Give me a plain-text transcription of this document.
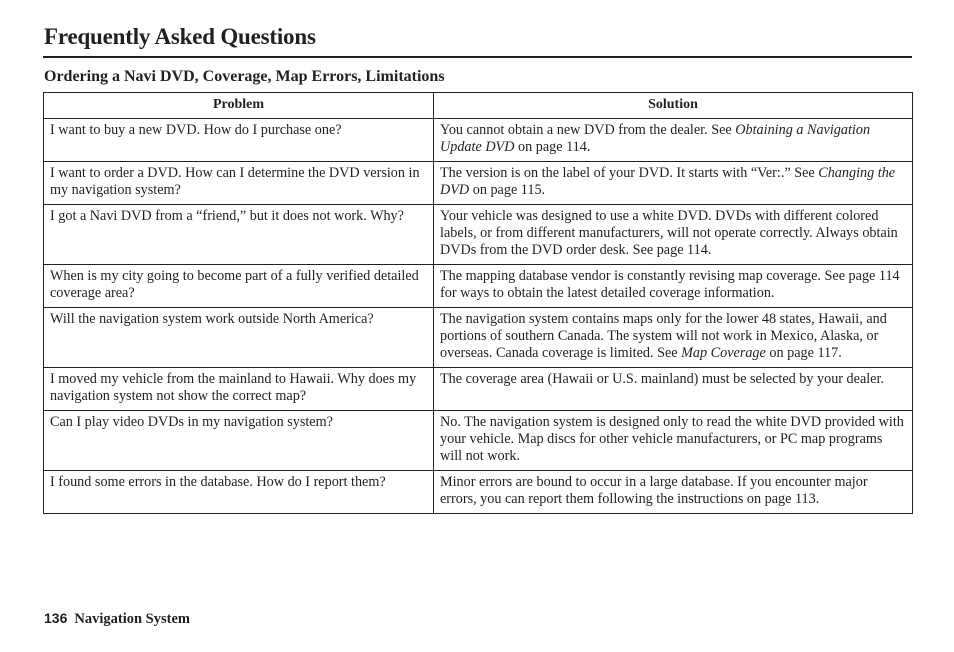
Frequently Asked Questions
Ordering a Navi DVD, Coverage, Map Errors, Limitations
Problem	Solution
I want to buy a new DVD. How do I purchase one?	You cannot obtain a new DVD from the dealer. See Obtaining a Navigation Update DVD on page 114.
I want to order a DVD. How can I determine the DVD version in my navigation system?	The version is on the label of your DVD. It starts with “Ver:.” See Changing the DVD on page 115.
I got a Navi DVD from a “friend,” but it does not work. Why?	Your vehicle was designed to use a white DVD. DVDs with different colored labels, or from different manufacturers, will not operate correctly. Always obtain DVDs from the DVD order desk. See page 114.
When is my city going to become part of a fully verified detailed coverage area?	The mapping database vendor is constantly revising map coverage. See page 114 for ways to obtain the latest detailed coverage information.
Will the navigation system work outside North America?	The navigation system contains maps only for the lower 48 states, Hawaii, and portions of southern Canada. The system will not work in Mexico, Alaska, or overseas. Canada coverage is limited. See Map Coverage on page 117.
I moved my vehicle from the mainland to Hawaii. Why does my navigation system not show the correct map?	The coverage area (Hawaii or U.S. mainland) must be selected by your dealer.
Can I play video DVDs in my navigation system?	No. The navigation system is designed only to read the white DVD provided with your vehicle. Map discs for other vehicle manufacturers, or PC map programs will not work.
I found some errors in the database. How do I report them?	Minor errors are bound to occur in a large database. If you encounter major errors, you can report them following the instructions on page 113.
136 Navigation System
